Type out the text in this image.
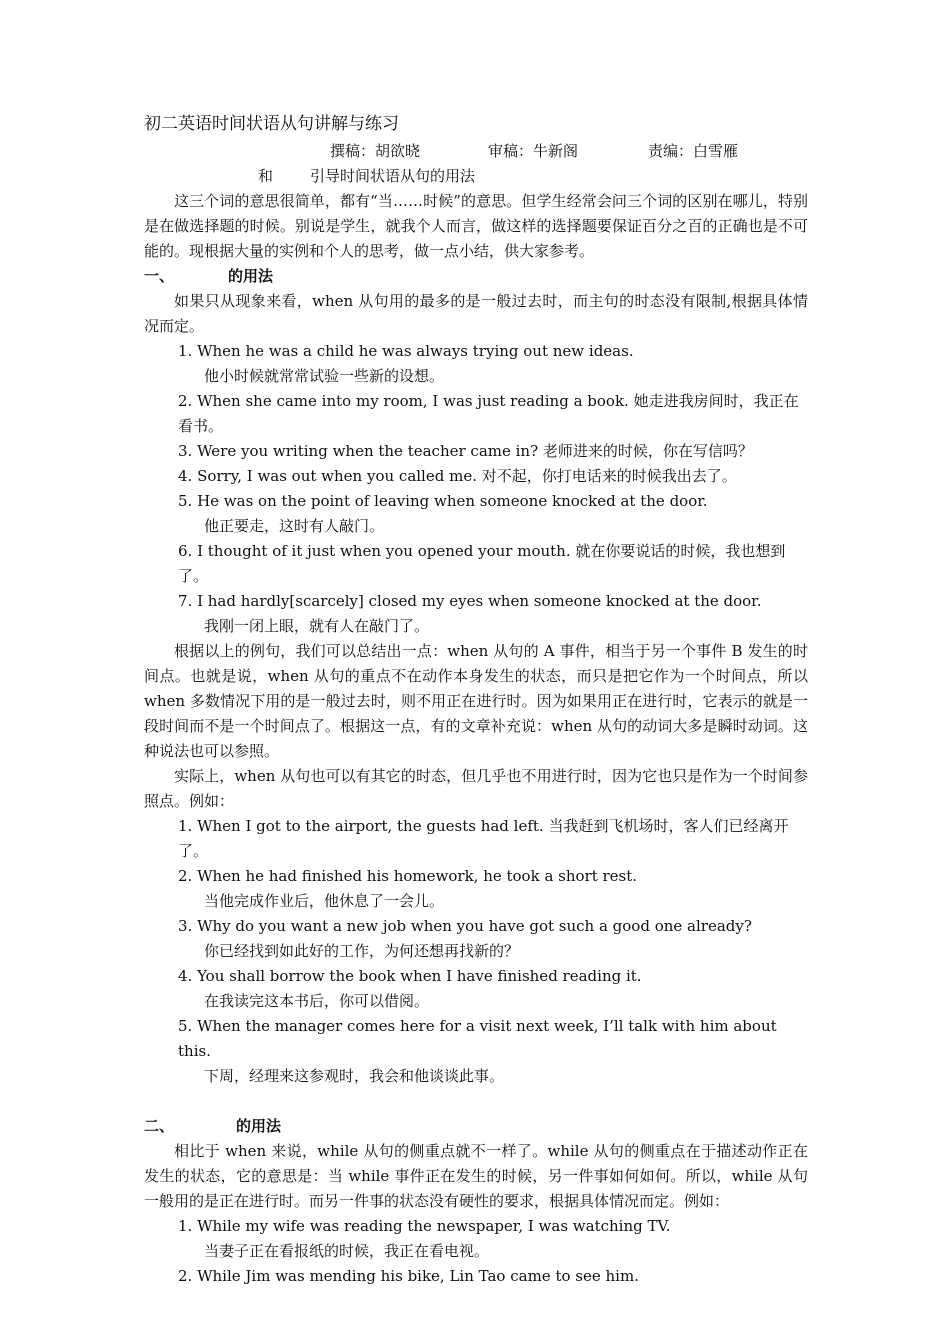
初二英语时间状语从句讲解与练习
撰稿：胡欲晓	审稿：牛新阁	责编：白雪雁
和 引导时间状语从句的用法

这三个词的意思很简单，都有“当……时候”的意思。但学生经常会问三个词的区别在哪儿，特别是在做选择题的时候。别说是学生，就我个人而言，做这样的选择题要保证百分之百的正确也是不可能的。现根据大量的实例和个人的思考，做一点小结，供大家参考。

一、	的用法

如果只从现象来看，when 从句用的最多的是一般过去时，而主句的时态没有限制,根据具体情况而定。

1. When he was a child he was always trying out new ideas.
他小时候就常常试验一些新的设想。
2. When she came into my room, I was just reading a book. 她走进我房间时，我正在看书。
3. Were you writing when the teacher came in? 老师进来的时候，你在写信吗？
4. Sorry, I was out when you called me. 对不起，你打电话来的时候我出去了。
5. He was on the point of leaving when someone knocked at the door.
他正要走，这时有人敲门。
6. I thought of it just when you opened your mouth. 就在你要说话的时候，我也想到了。
7. I had hardly[scarcely] closed my eyes when someone knocked at the door.
我刚一闭上眼，就有人在敲门了。

根据以上的例句，我们可以总结出一点：when 从句的 A 事件，相当于另一个事件 B 发生的时间点。也就是说，when 从句的重点不在动作本身发生的状态，而只是把它作为一个时间点，所以 when 多数情况下用的是一般过去时，则不用正在进行时。因为如果用正在进行时，它表示的就是一段时间而不是一个时间点了。根据这一点，有的文章补充说：when 从句的动词大多是瞬时动词。这种说法也可以参照。

实际上，when 从句也可以有其它的时态，但几乎也不用进行时，因为它也只是作为一个时间参照点。例如：

1. When I got to the airport, the guests had left. 当我赶到飞机场时，客人们已经离开了。
2. When he had finished his homework, he took a short rest.
当他完成作业后，他休息了一会儿。
3. Why do you want a new job when you have got such a good one already?
你已经找到如此好的工作，为何还想再找新的？
4. You shall borrow the book when I have finished reading it.
在我读完这本书后，你可以借阅。
5. When the manager comes here for a visit next week, I’ll talk with him about this.
下周，经理来这参观时，我会和他谈谈此事。
二、	的用法

相比于 when 来说，while 从句的侧重点就不一样了。while 从句的侧重点在于描述动作正在发生的状态，它的意思是：当 while 事件正在发生的时候，另一件事如何如何。所以，while 从句一般用的是正在进行时。而另一件事的状态没有硬性的要求，根据具体情况而定。例如：

1. While my wife was reading the newspaper, I was watching TV.
当妻子正在看报纸的时候，我正在看电视。
2. While Jim was mending his bike, Lin Tao came to see him.
